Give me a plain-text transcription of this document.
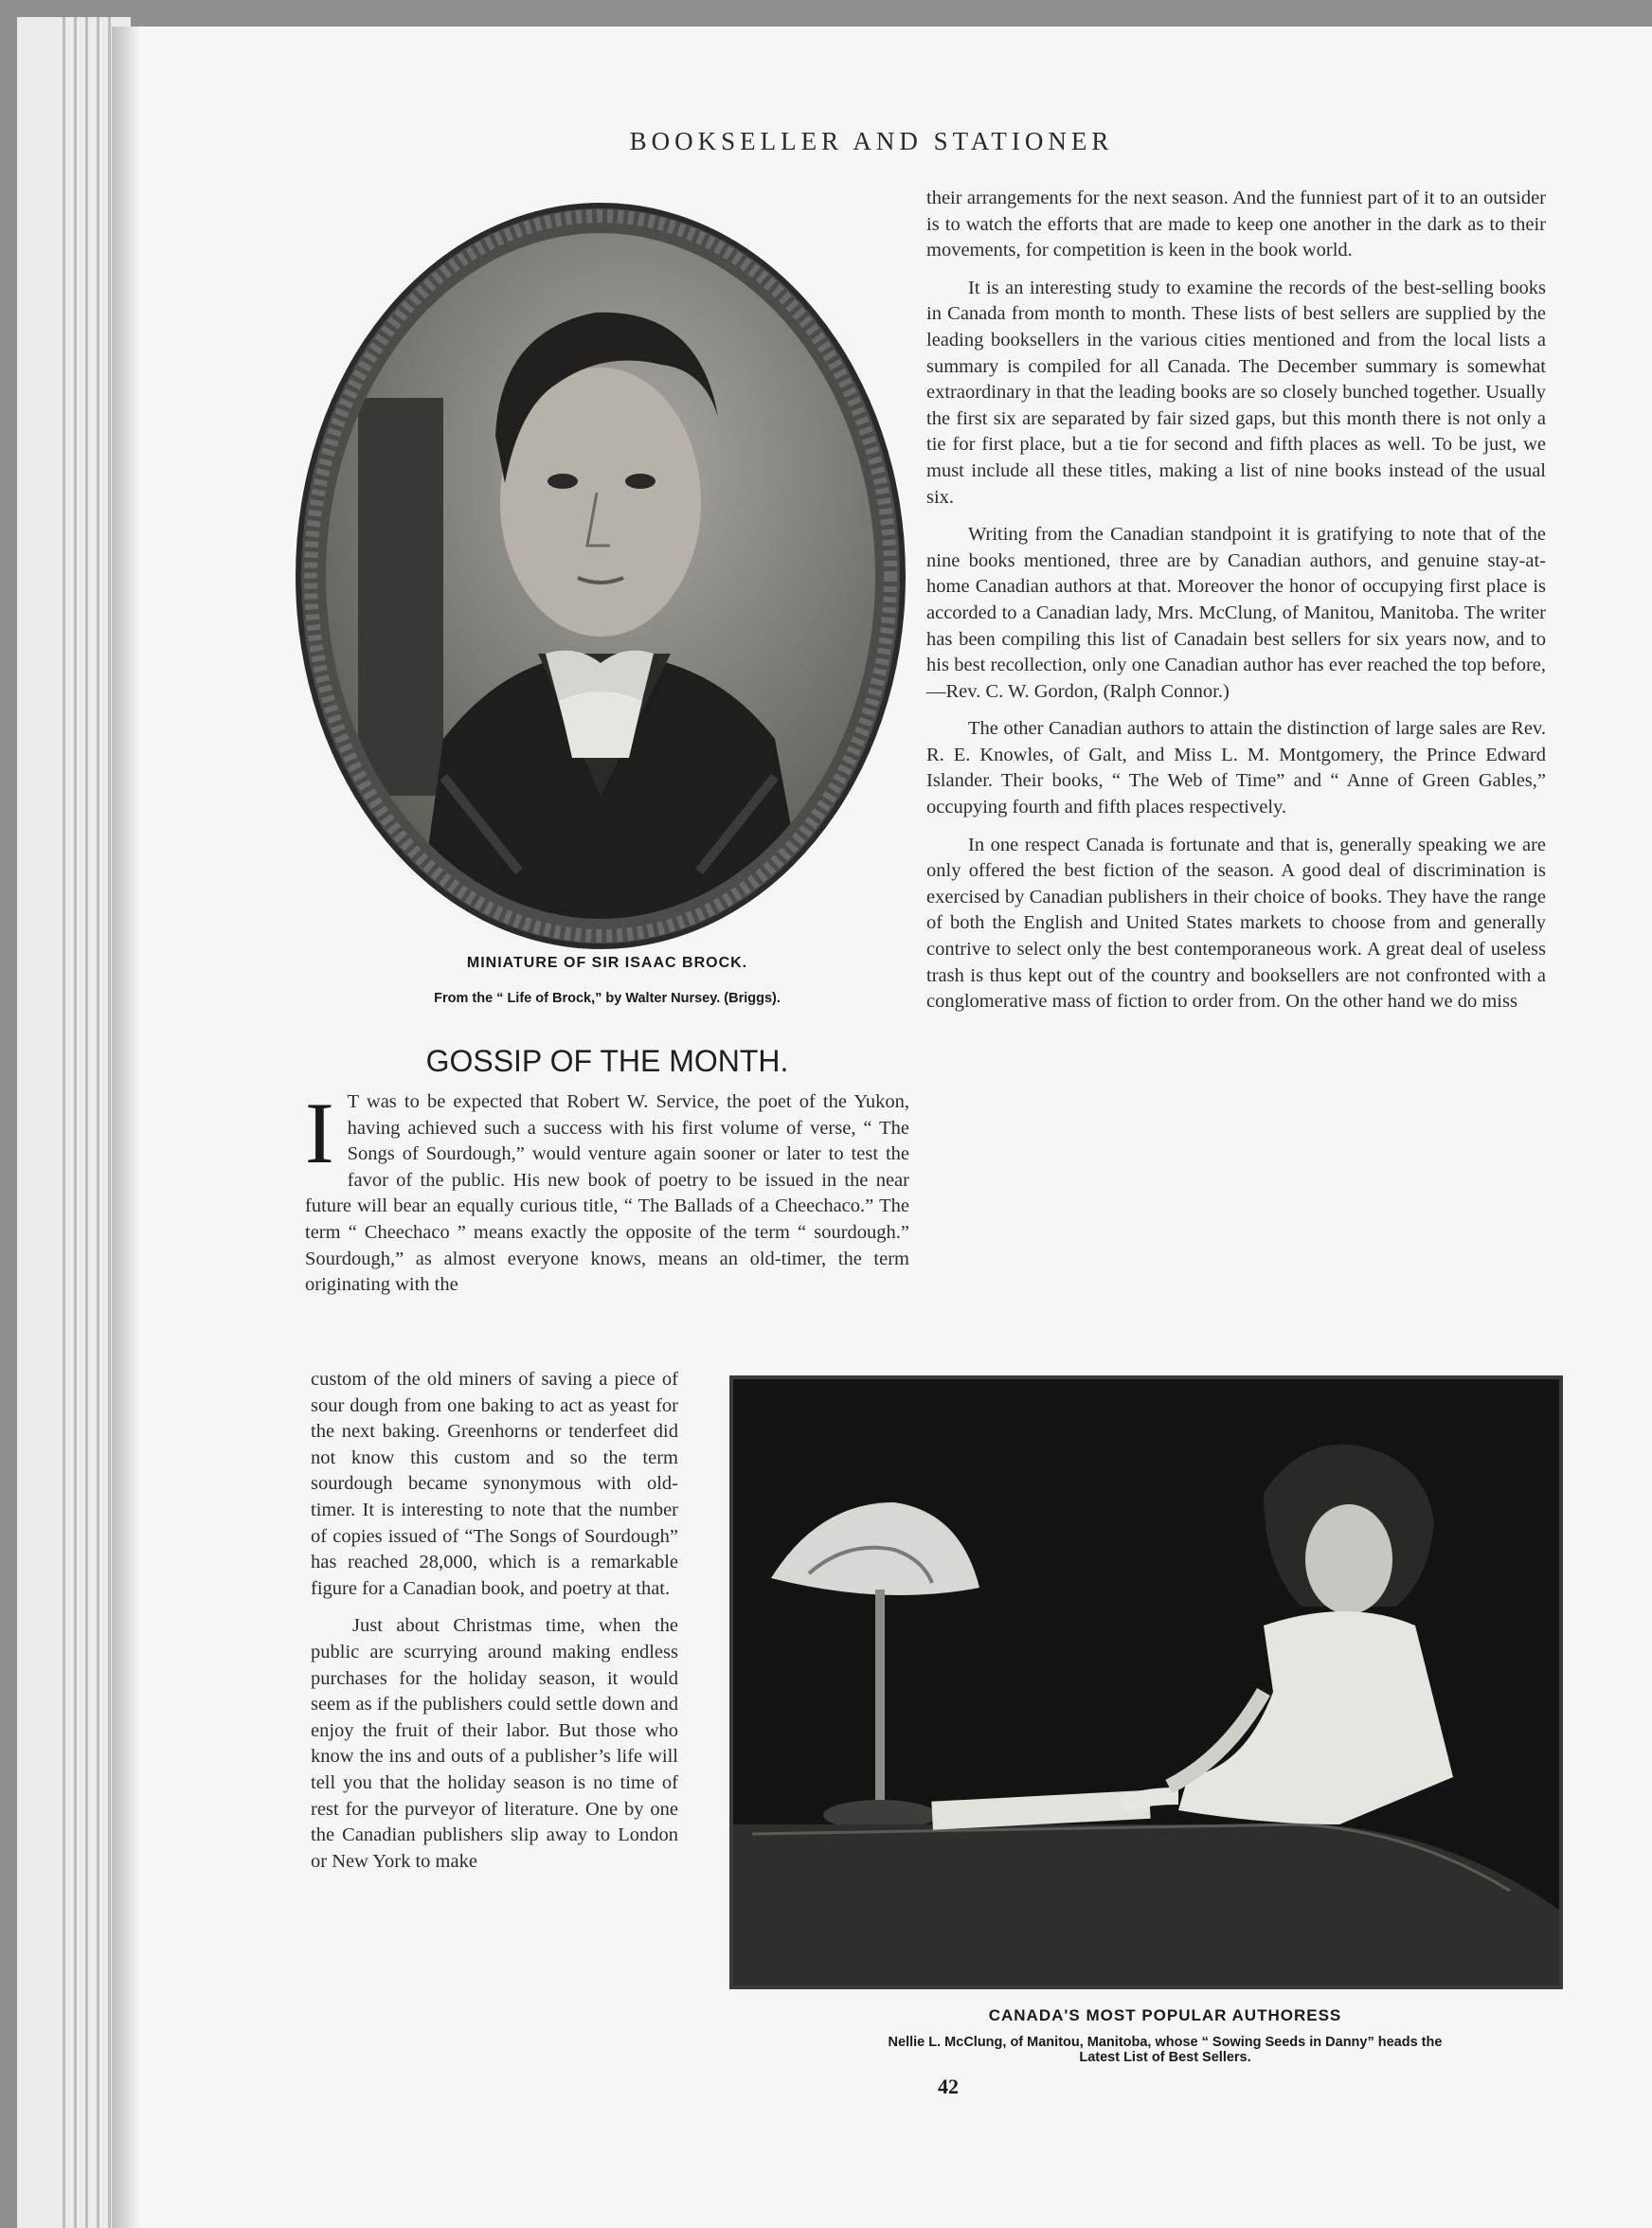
BOOKSELLER AND STATIONER
MINIATURE OF SIR ISAAC BROCK.
From the “ Life of Brock,” by Walter Nursey. (Briggs).
GOSSIP OF THE MONTH.
I T was to be expected that Robert W. Service, the poet of the Yukon, having achieved such a success with his first volume of verse, “ The Songs of Sourdough,” would venture again sooner or later to test the favor of the public. His new book of poetry to be issued in the near future will bear an equally curious title, “ The Ballads of a Cheechaco.” The term “ Cheechaco ” means exactly the opposite of the term “ sourdough.” Sourdough,” as almost everyone knows, means an old-timer, the term originating with the

custom of the old miners of saving a piece of sour dough from one baking to act as yeast for the next baking. Greenhorns or tenderfeet did not know this custom and so the term sourdough became synonymous with old-timer. It is interesting to note that the number of copies issued of “The Songs of Sourdough” has reached 28,000, which is a remarkable figure for a Canadian book, and poetry at that.

Just about Christmas time, when the public are scurrying around making endless purchases for the holiday season, it would seem as if the publishers could settle down and enjoy the fruit of their labor. But those who know the ins and outs of a publisher’s life will tell you that the holiday season is no time of rest for the purveyor of literature. One by one the Canadian publishers slip away to London or New York to make

their arrangements for the next season. And the funniest part of it to an outsider is to watch the efforts that are made to keep one another in the dark as to their movements, for competition is keen in the book world.

It is an interesting study to examine the records of the best-selling books in Canada from month to month. These lists of best sellers are supplied by the leading booksellers in the various cities mentioned and from the local lists a summary is compiled for all Canada. The December summary is somewhat extraordinary in that the leading books are so closely bunched together. Usually the first six are separated by fair sized gaps, but this month there is not only a tie for first place, but a tie for second and fifth places as well. To be just, we must include all these titles, making a list of nine books instead of the usual six.

Writing from the Canadian standpoint it is gratifying to note that of the nine books mentioned, three are by Canadian authors, and genuine stay-at-home Canadian authors at that. Moreover the honor of occupying first place is accorded to a Canadian lady, Mrs. McClung, of Manitou, Manitoba. The writer has been compiling this list of Canadain best sellers for six years now, and to his best recollection, only one Canadian author has ever reached the top before,—Rev. C. W. Gordon, (Ralph Connor.)

The other Canadian authors to attain the distinction of large sales are Rev. R. E. Knowles, of Galt, and Miss L. M. Montgomery, the Prince Edward Islander. Their books, “ The Web of Time” and “ Anne of Green Gables,” occupying fourth and fifth places respectively.

In one respect Canada is fortunate and that is, generally speaking we are only offered the best fiction of the season. A good deal of discrimination is exercised by Canadian publishers in their choice of books. They have the range of both the English and United States markets to choose from and generally contrive to select only the best contemporaneous work. A great deal of useless trash is thus kept out of the country and booksellers are not confronted with a conglomerative mass of fiction to order from. On the other hand we do miss

CANADA'S MOST POPULAR AUTHORESS
Nellie L. McClung, of Manitou, Manitoba, whose “ Sowing Seeds in Danny” heads the Latest List of Best Sellers.
42
